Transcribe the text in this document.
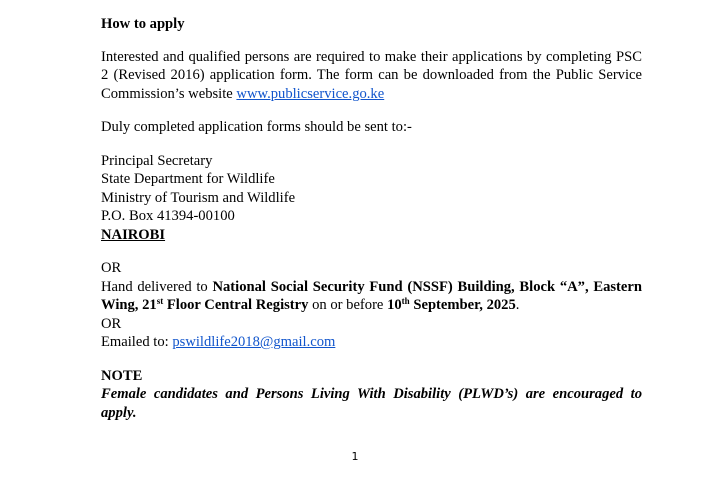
How to apply

Interested and qualified persons are required to make their applications by completing PSC

2 (Revised 2016) application form. The form can be downloaded from the Public Service

Commission’s website www.publicservice.go.ke

Duly completed application forms should be sent to:-

Principal Secretary

State Department for Wildlife

Ministry of Tourism and Wildlife

P.O. Box 41394-00100

NAIROBI

OR

Hand delivered to National Social Security Fund (NSSF) Building, Block “A”, Eastern

Wing, 21st Floor Central Registry on or before 10th September, 2025.

OR

Emailed to: pswildlife2018@gmail.com

NOTE

Female candidates and Persons Living With Disability (PLWD’s) are encouraged to

apply.

1
